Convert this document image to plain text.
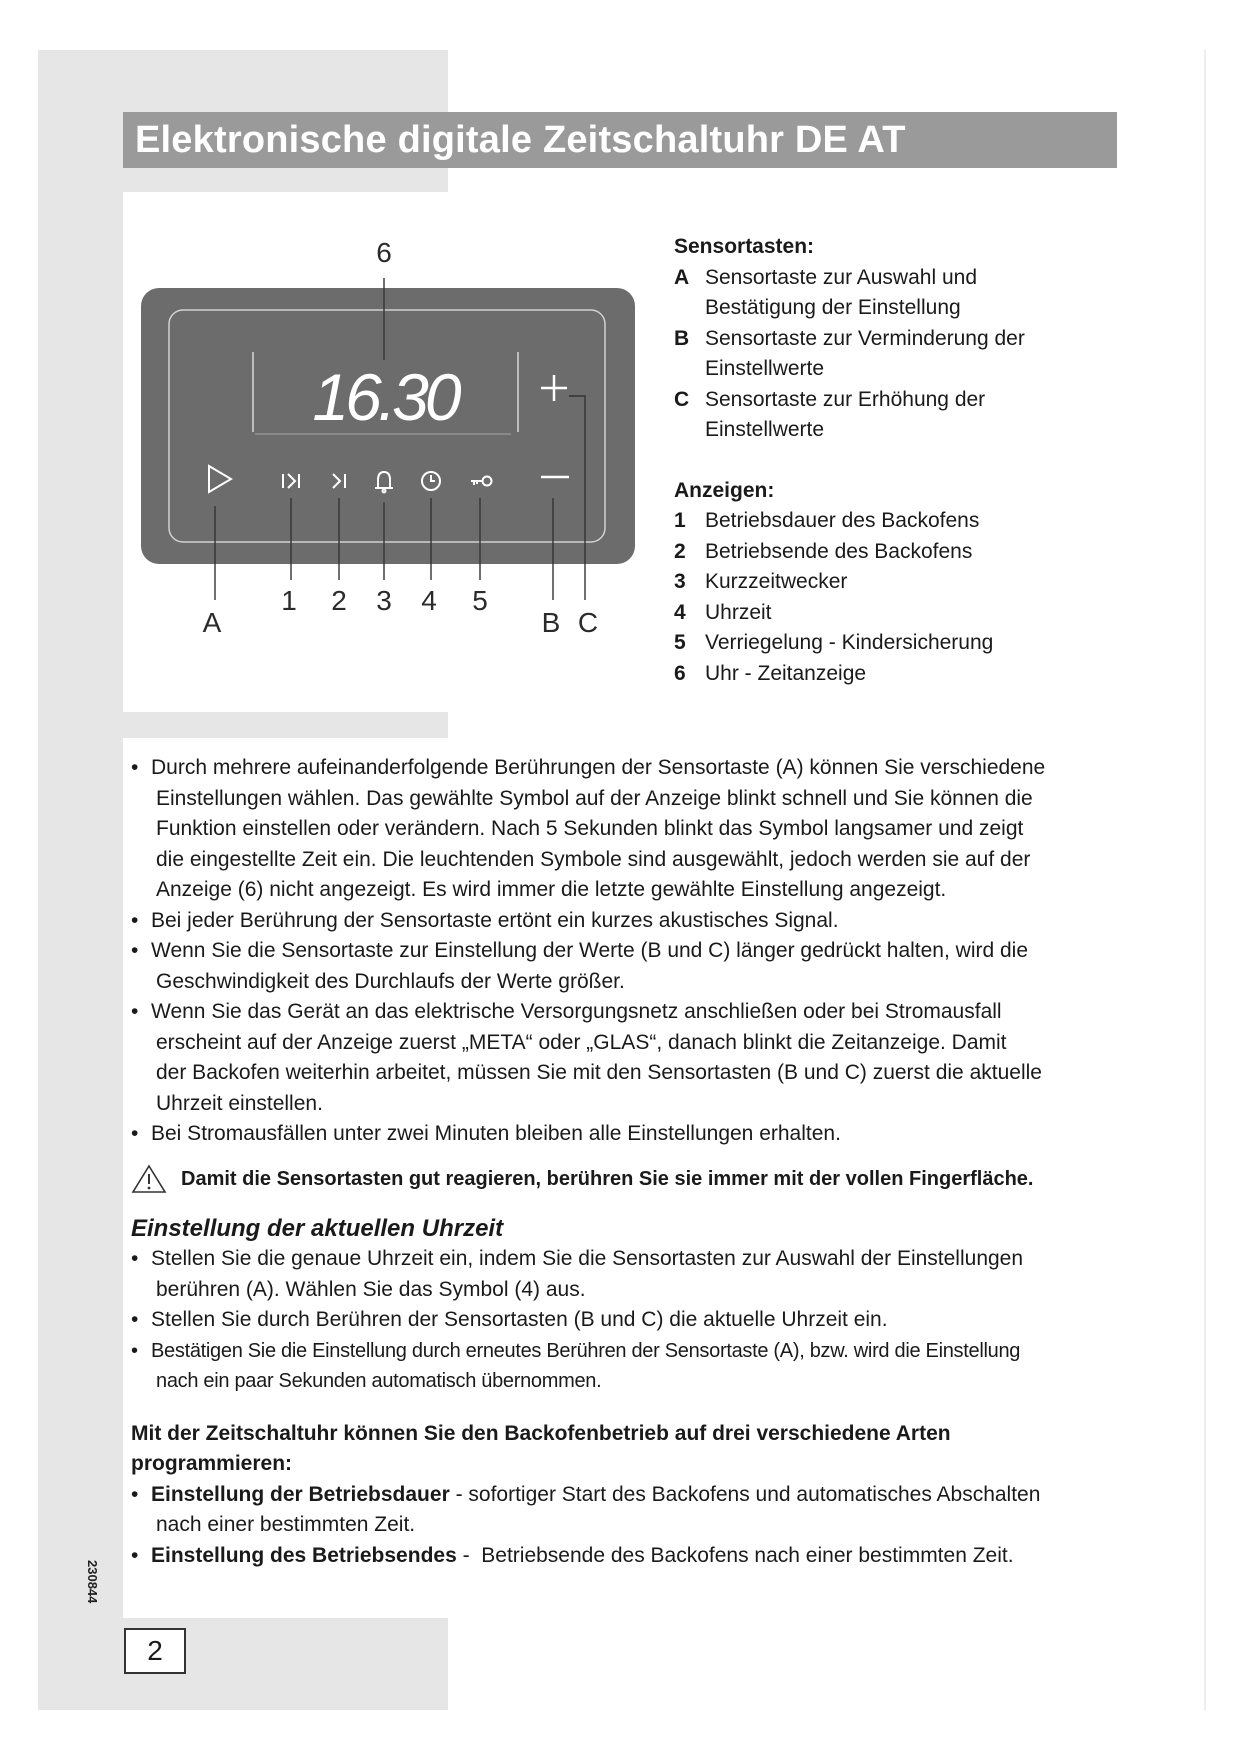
Elektronische digitale Zeitschaltuhr DE AT
16.30
6
A
1 2 3 4 5
B C
Sensortasten:
A Sensortaste zur Auswahl und
Bestätigung der Einstellung
B Sensortaste zur Verminderung der
Einstellwerte
C Sensortaste zur Erhöhung der
Einstellwerte
Anzeigen:
1 Betriebsdauer des Backofens
2 Betriebsende des Backofens
3 Kurzzeitwecker
4 Uhrzeit
5 Verriegelung - Kindersicherung
6 Uhr - Zeitanzeige
• Durch mehrere aufeinanderfolgende Berührungen der Sensortaste (A) können Sie verschiedene
Einstellungen wählen. Das gewählte Symbol auf der Anzeige blinkt schnell und Sie können die
Funktion einstellen oder verändern. Nach 5 Sekunden blinkt das Symbol langsamer und zeigt
die eingestellte Zeit ein. Die leuchtenden Symbole sind ausgewählt, jedoch werden sie auf der
Anzeige (6) nicht angezeigt. Es wird immer die letzte gewählte Einstellung angezeigt.
• Bei jeder Berührung der Sensortaste ertönt ein kurzes akustisches Signal.
• Wenn Sie die Sensortaste zur Einstellung der Werte (B und C) länger gedrückt halten, wird die
Geschwindigkeit des Durchlaufs der Werte größer.
• Wenn Sie das Gerät an das elektrische Versorgungsnetz anschließen oder bei Stromausfall
erscheint auf der Anzeige zuerst „META“ oder „GLAS“, danach blinkt die Zeitanzeige. Damit
der Backofen weiterhin arbeitet, müssen Sie mit den Sensortasten (B und C) zuerst die aktuelle
Uhrzeit einstellen.
• Bei Stromausfällen unter zwei Minuten bleiben alle Einstellungen erhalten.
Damit die Sensortasten gut reagieren, berühren Sie sie immer mit der vollen Fingerfläche.
Einstellung der aktuellen Uhrzeit
• Stellen Sie die genaue Uhrzeit ein, indem Sie die Sensortasten zur Auswahl der Einstellungen
berühren (A). Wählen Sie das Symbol (4) aus.
• Stellen Sie durch Berühren der Sensortasten (B und C) die aktuelle Uhrzeit ein.
• Bestätigen Sie die Einstellung durch erneutes Berühren der Sensortaste (A), bzw. wird die Einstellung
nach ein paar Sekunden automatisch übernommen.
Mit der Zeitschaltuhr können Sie den Backofenbetrieb auf drei verschiedene Arten
programmieren:
• Einstellung der Betriebsdauer - sofortiger Start des Backofens und automatisches Abschalten
nach einer bestimmten Zeit.
• Einstellung des Betriebsendes -  Betriebsende des Backofens nach einer bestimmten Zeit.
230844
2
